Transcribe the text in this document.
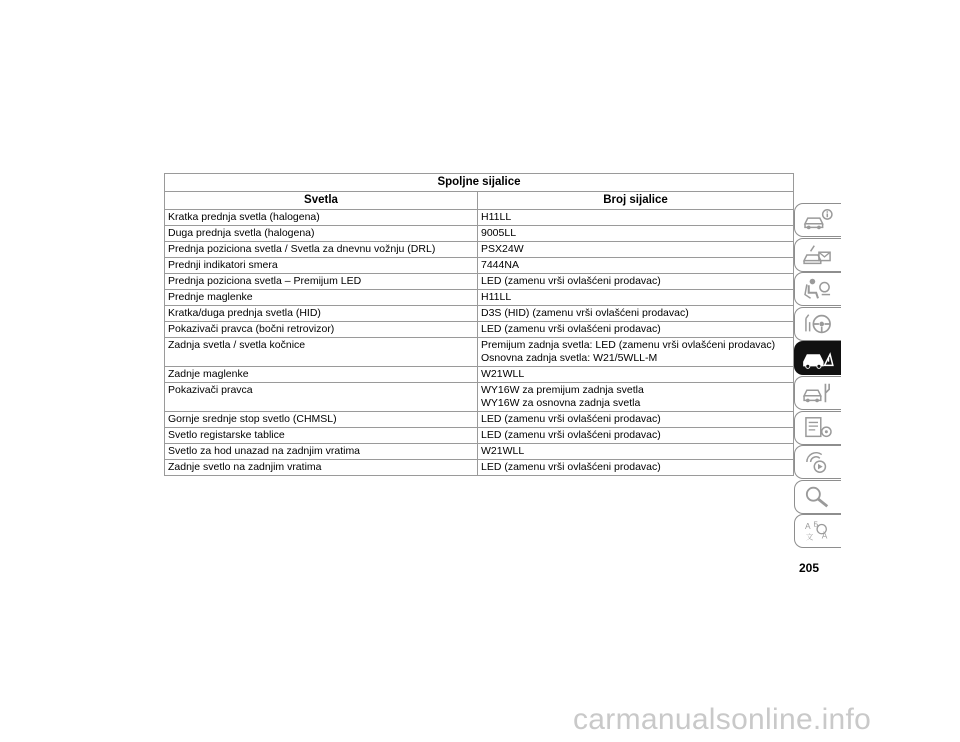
Spoljne sijalice	
Svetla	Broj sijalice
Kratka prednja svetla (halogena)	H11LL

Duga prednja svetla (halogena)	9005LL

Prednja poziciona svetla / Svetla za dnevnu vožnju (DRL)	PSX24W

Prednji indikatori smera	7444NA

Prednja poziciona svetla – Premijum LED	LED (zamenu vrši ovlašćeni prodavac)

Prednje maglenke	H11LL

Kratka/duga prednja svetla (HID)	D3S (HID) (zamenu vrši ovlašćeni prodavac)

Pokazivači pravca (bočni retrovizor)	LED (zamenu vrši ovlašćeni prodavac)

Zadnja svetla / svetla kočnice	Premijum zadnja svetla: LED (zamenu vrši ovlašćeni prodavac)
Osnovna zadnja svetla: W21/5WLL-M

Zadnje maglenke	W21WLL

Pokazivači pravca	WY16W za premijum zadnja svetla
WY16W za osnovna zadnja svetla

Gornje srednje stop svetlo (CHMSL)	LED (zamenu vrši ovlašćeni prodavac)

Svetlo registarske tablice	LED (zamenu vrši ovlašćeni prodavac)

Svetlo za hod unazad na zadnjim vratima	W21WLL

Zadnje svetlo na zadnjim vratima	LED (zamenu vrši ovlašćeni prodavac)
A Б
文 Ä
205
carmanualsonline.info
